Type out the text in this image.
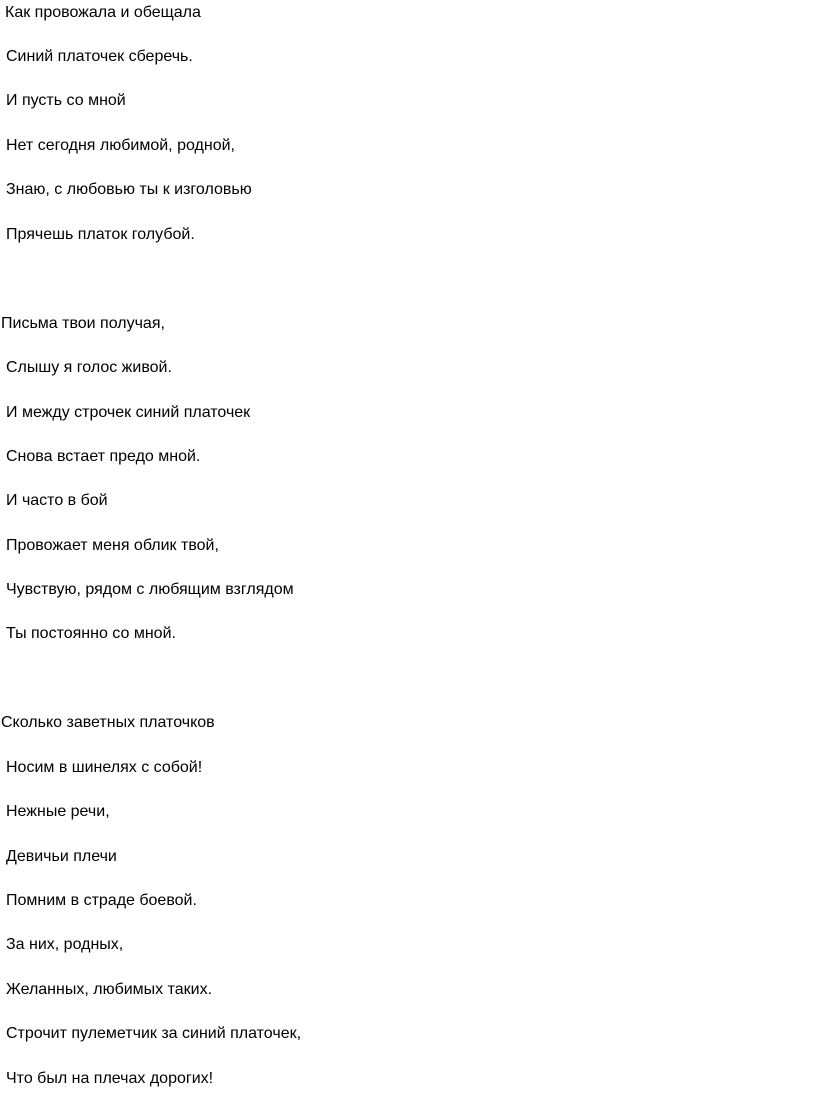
Как провожала и обещала

Синий платочек сберечь.

И пусть со мной

Нет сегодня любимой, родной,

Знаю, с любовью ты к изголовью

Прячешь платок голубой.

Письма твои получая,

Слышу я голос живой.

И между строчек синий платочек

Снова встает предо мной.

И часто в бой

Провожает меня облик твой,

Чувствую, рядом с любящим взглядом

Ты постоянно со мной.

Сколько заветных платочков

Носим в шинелях с собой!

Нежные речи,

Девичьи плечи

Помним в страде боевой.

За них, родных,

Желанных, любимых таких.

Строчит пулеметчик за синий платочек,

Что был на плечах дорогих!
